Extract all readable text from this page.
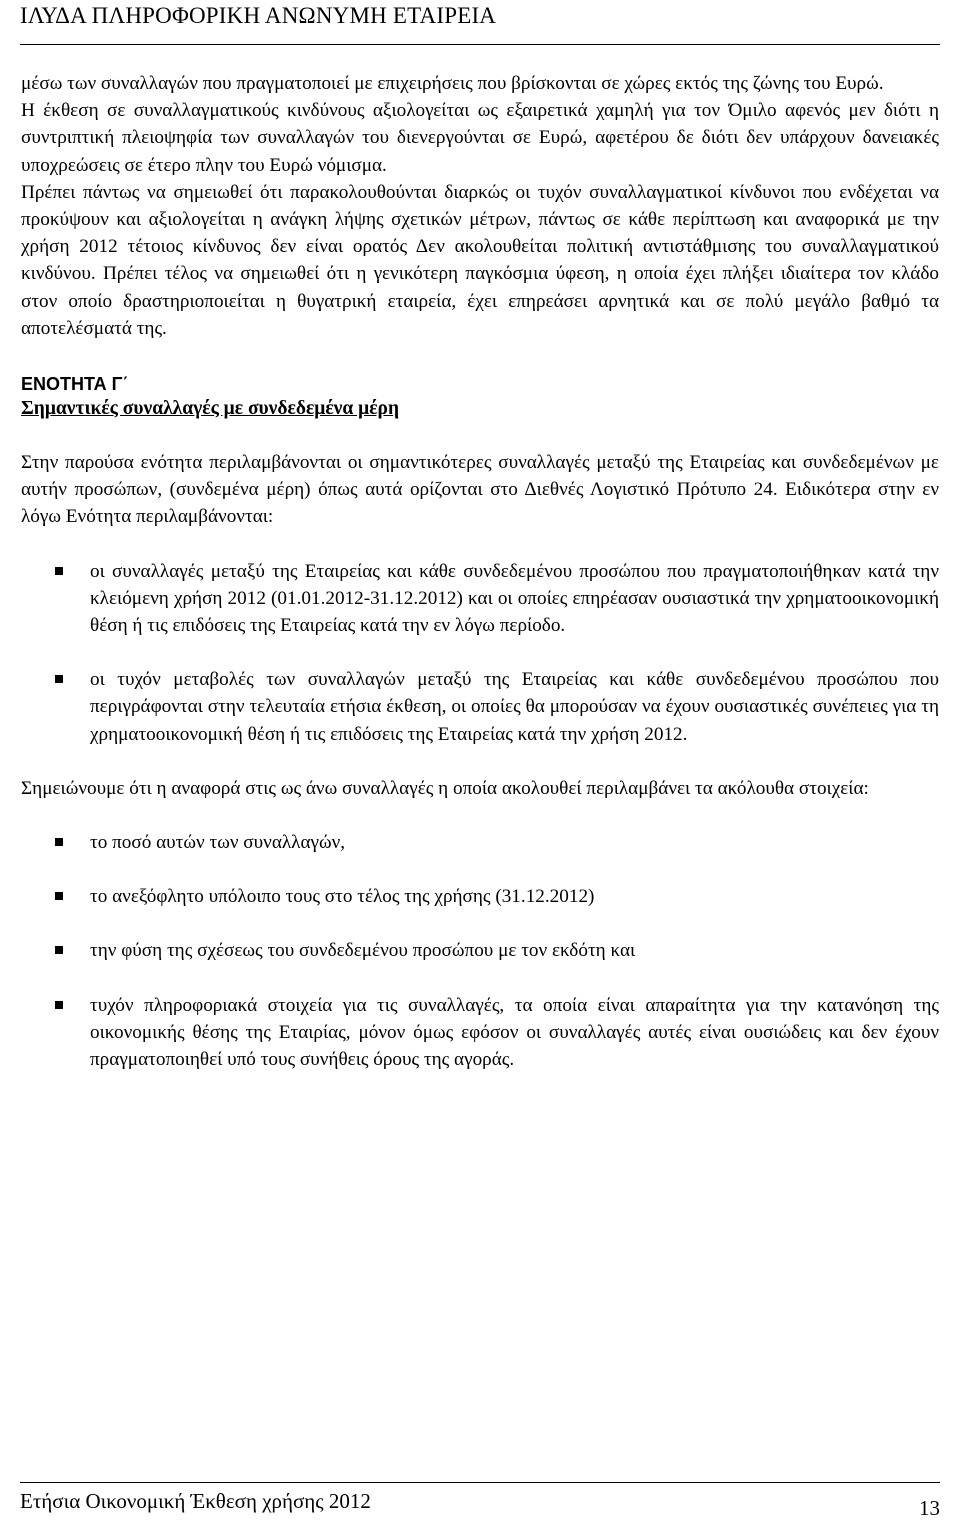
ΙΛΥΔΑ ΠΛΗΡΟΦΟΡΙΚΗ ΑΝΩΝΥΜΗ ΕΤΑΙΡΕΙΑ

μέσω των συναλλαγών που πραγματοποιεί με επιχειρήσεις που βρίσκονται σε χώρες εκτός της ζώνης του Ευρώ.

Η έκθεση σε συναλλαγματικούς κινδύνους αξιολογείται ως εξαιρετικά χαμηλή για τον Όμιλο αφενός μεν διότι η συντριπτική πλειοψηφία των συναλλαγών του διενεργούνται σε Ευρώ, αφετέρου δε διότι δεν υπάρχουν δανειακές υποχρεώσεις σε έτερο πλην του Ευρώ νόμισμα.

Πρέπει πάντως να σημειωθεί ότι παρακολουθούνται διαρκώς οι τυχόν συναλλαγματικοί κίνδυνοι που ενδέχεται να προκύψουν και αξιολογείται η ανάγκη λήψης σχετικών μέτρων, πάντως σε κάθε περίπτωση και αναφορικά με την χρήση 2012 τέτοιος κίνδυνος δεν είναι ορατός Δεν ακολουθείται πολιτική αντιστάθμισης του συναλλαγματικού κινδύνου. Πρέπει τέλος να σημειωθεί ότι η γενικότερη παγκόσμια ύφεση, η οποία έχει πλήξει ιδιαίτερα τον κλάδο στον οποίο δραστηριοποιείται η θυγατρική εταιρεία, έχει επηρεάσει αρνητικά και σε πολύ μεγάλο βαθμό τα αποτελέσματά της.

ΕΝΟΤΗΤΑ Γ΄
Σημαντικές συναλλαγές με συνδεδεμένα μέρη

Στην παρούσα ενότητα περιλαμβάνονται οι σημαντικότερες συναλλαγές μεταξύ της Εταιρείας και συνδεδεμένων με αυτήν προσώπων, (συνδεμένα μέρη) όπως αυτά ορίζονται στο Διεθνές Λογιστικό Πρότυπο 24. Ειδικότερα στην εν λόγω Ενότητα περιλαμβάνονται:

οι συναλλαγές μεταξύ της Εταιρείας και κάθε συνδεδεμένου προσώπου που πραγματοποιήθηκαν κατά την κλειόμενη χρήση 2012 (01.01.2012-31.12.2012) και οι οποίες επηρέασαν ουσιαστικά την χρηματοοικονομική θέση ή τις επιδόσεις της Εταιρείας κατά την εν λόγω περίοδο.
οι τυχόν μεταβολές των συναλλαγών μεταξύ της Εταιρείας και κάθε συνδεδεμένου προσώπου που περιγράφονται στην τελευταία ετήσια έκθεση, οι οποίες θα μπορούσαν να έχουν ουσιαστικές συνέπειες για τη χρηματοοικονομική θέση ή τις επιδόσεις της Εταιρείας κατά την χρήση 2012.

Σημειώνουμε ότι η αναφορά στις ως άνω συναλλαγές η οποία ακολουθεί περιλαμβάνει τα ακόλουθα στοιχεία:

το ποσό αυτών των συναλλαγών,
το ανεξόφλητο υπόλοιπο τους στο τέλος της χρήσης (31.12.2012)
την φύση της σχέσεως του συνδεδεμένου προσώπου με τον εκδότη και
τυχόν πληροφοριακά στοιχεία για τις συναλλαγές, τα οποία είναι απαραίτητα για την κατανόηση της οικονομικής θέσης της Εταιρίας, μόνον όμως εφόσον οι συναλλαγές αυτές είναι ουσιώδεις και δεν έχουν πραγματοποιηθεί υπό τους συνήθεις όρους της αγοράς.
Ετήσια Οικονομική Έκθεση χρήσης 2012	13
